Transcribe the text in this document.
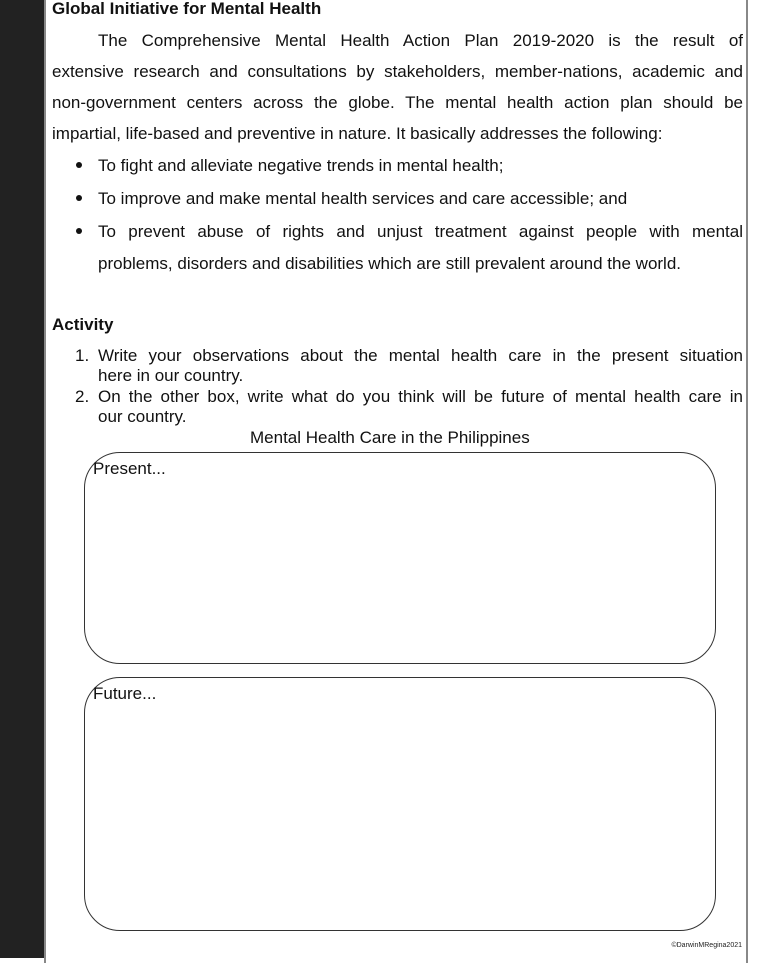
Global Initiative for Mental Health
The Comprehensive Mental Health Action Plan 2019-2020 is the result of
extensive research and consultations by stakeholders, member-nations, academic and
non-government centers across the globe. The mental health action plan should be
impartial, life-based and preventive in nature. It basically addresses the following:
To fight and alleviate negative trends in mental health;
To improve and make mental health services and care accessible; and
To prevent abuse of rights and unjust treatment against people with mental
problems, disorders and disabilities which are still prevalent around the world.
Activity
1. Write your observations about the mental health care in the present situation
here in our country.
2. On the other box, write what do you think will be future of mental health care in
our country.
Mental Health Care in the Philippines
Present...
Future...
©DarwinMRegina2021
